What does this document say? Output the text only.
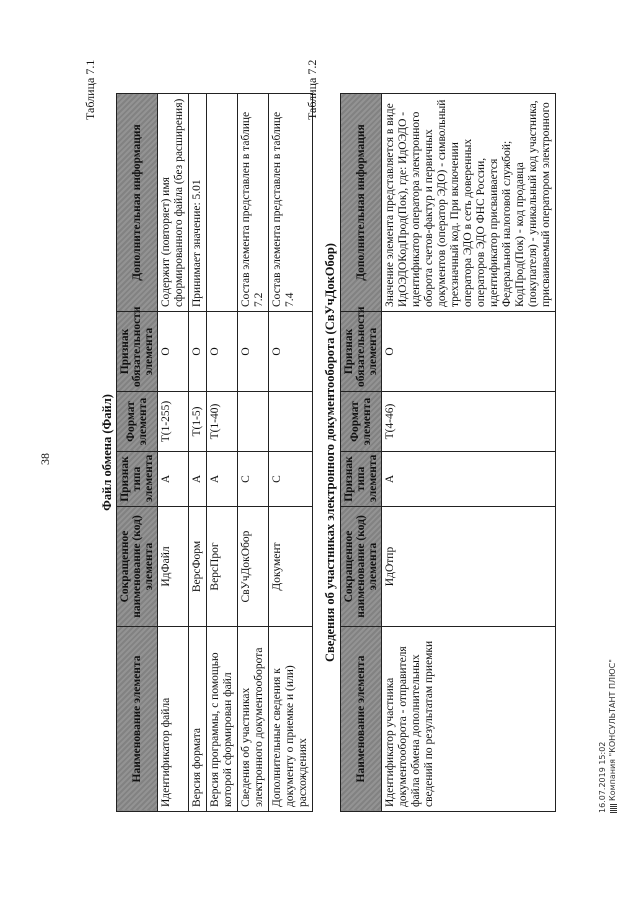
38
Таблица 7.1
Файл обмена (Файл)
Наименование элемента	Сокращенное наименование (код) элемента	Признак типа элемента	Формат элемента	Признак обязательности элемента	Дополнительная информация
Идентификатор файла	ИдФайл	А	T(1-255)	О	Содержит (повторяет) имя сформированного файла (без расширения)
Версия формата	ВерсФорм	А	T(1-5)	О	Принимает значение: 5.01
Версия программы, с помощью которой сформирован файл	ВерсПрог	А	T(1-40)	О	
Сведения об участниках электронного документооборота	СвУчДокОбор	С		О	Состав элемента представлен в таблице 7.2
Дополнительные сведения к документу о приемке и (или) расхождениях	Документ	С		О	Состав элемента представлен в таблице 7.4
Таблица 7.2
Сведения об участниках электронного документооборота (СвУчДокОбор)
Наименование элемента	Сокращенное наименование (код) элемента	Признак типа элемента	Формат элемента	Признак обязательности элемента	Дополнительная информация
Идентификатор участника документооборота - отправителя файла обмена дополнительных сведений по результатам приемки	ИдОтпр	А	T(4-46)	О	Значение элемента представляется в виде ИдОЭДОКодПрод(Пок), где: ИдОЭДО - идентификатор оператора электронного оборота счетов-фактур и первичных документов (оператор ЭДО) - символьный трехзначный код. При включении оператора ЭДО в сеть доверенных операторов ЭДО ФНС России, идентификатор присваивается Федеральной налоговой службой; КодПрод(Пок) - код продавца (покупателя) - уникальный код участника, присваиваемый оператором электронного
16.07.2019 15:02 Компания "КОНСУЛЬТАНТ ПЛЮС"
